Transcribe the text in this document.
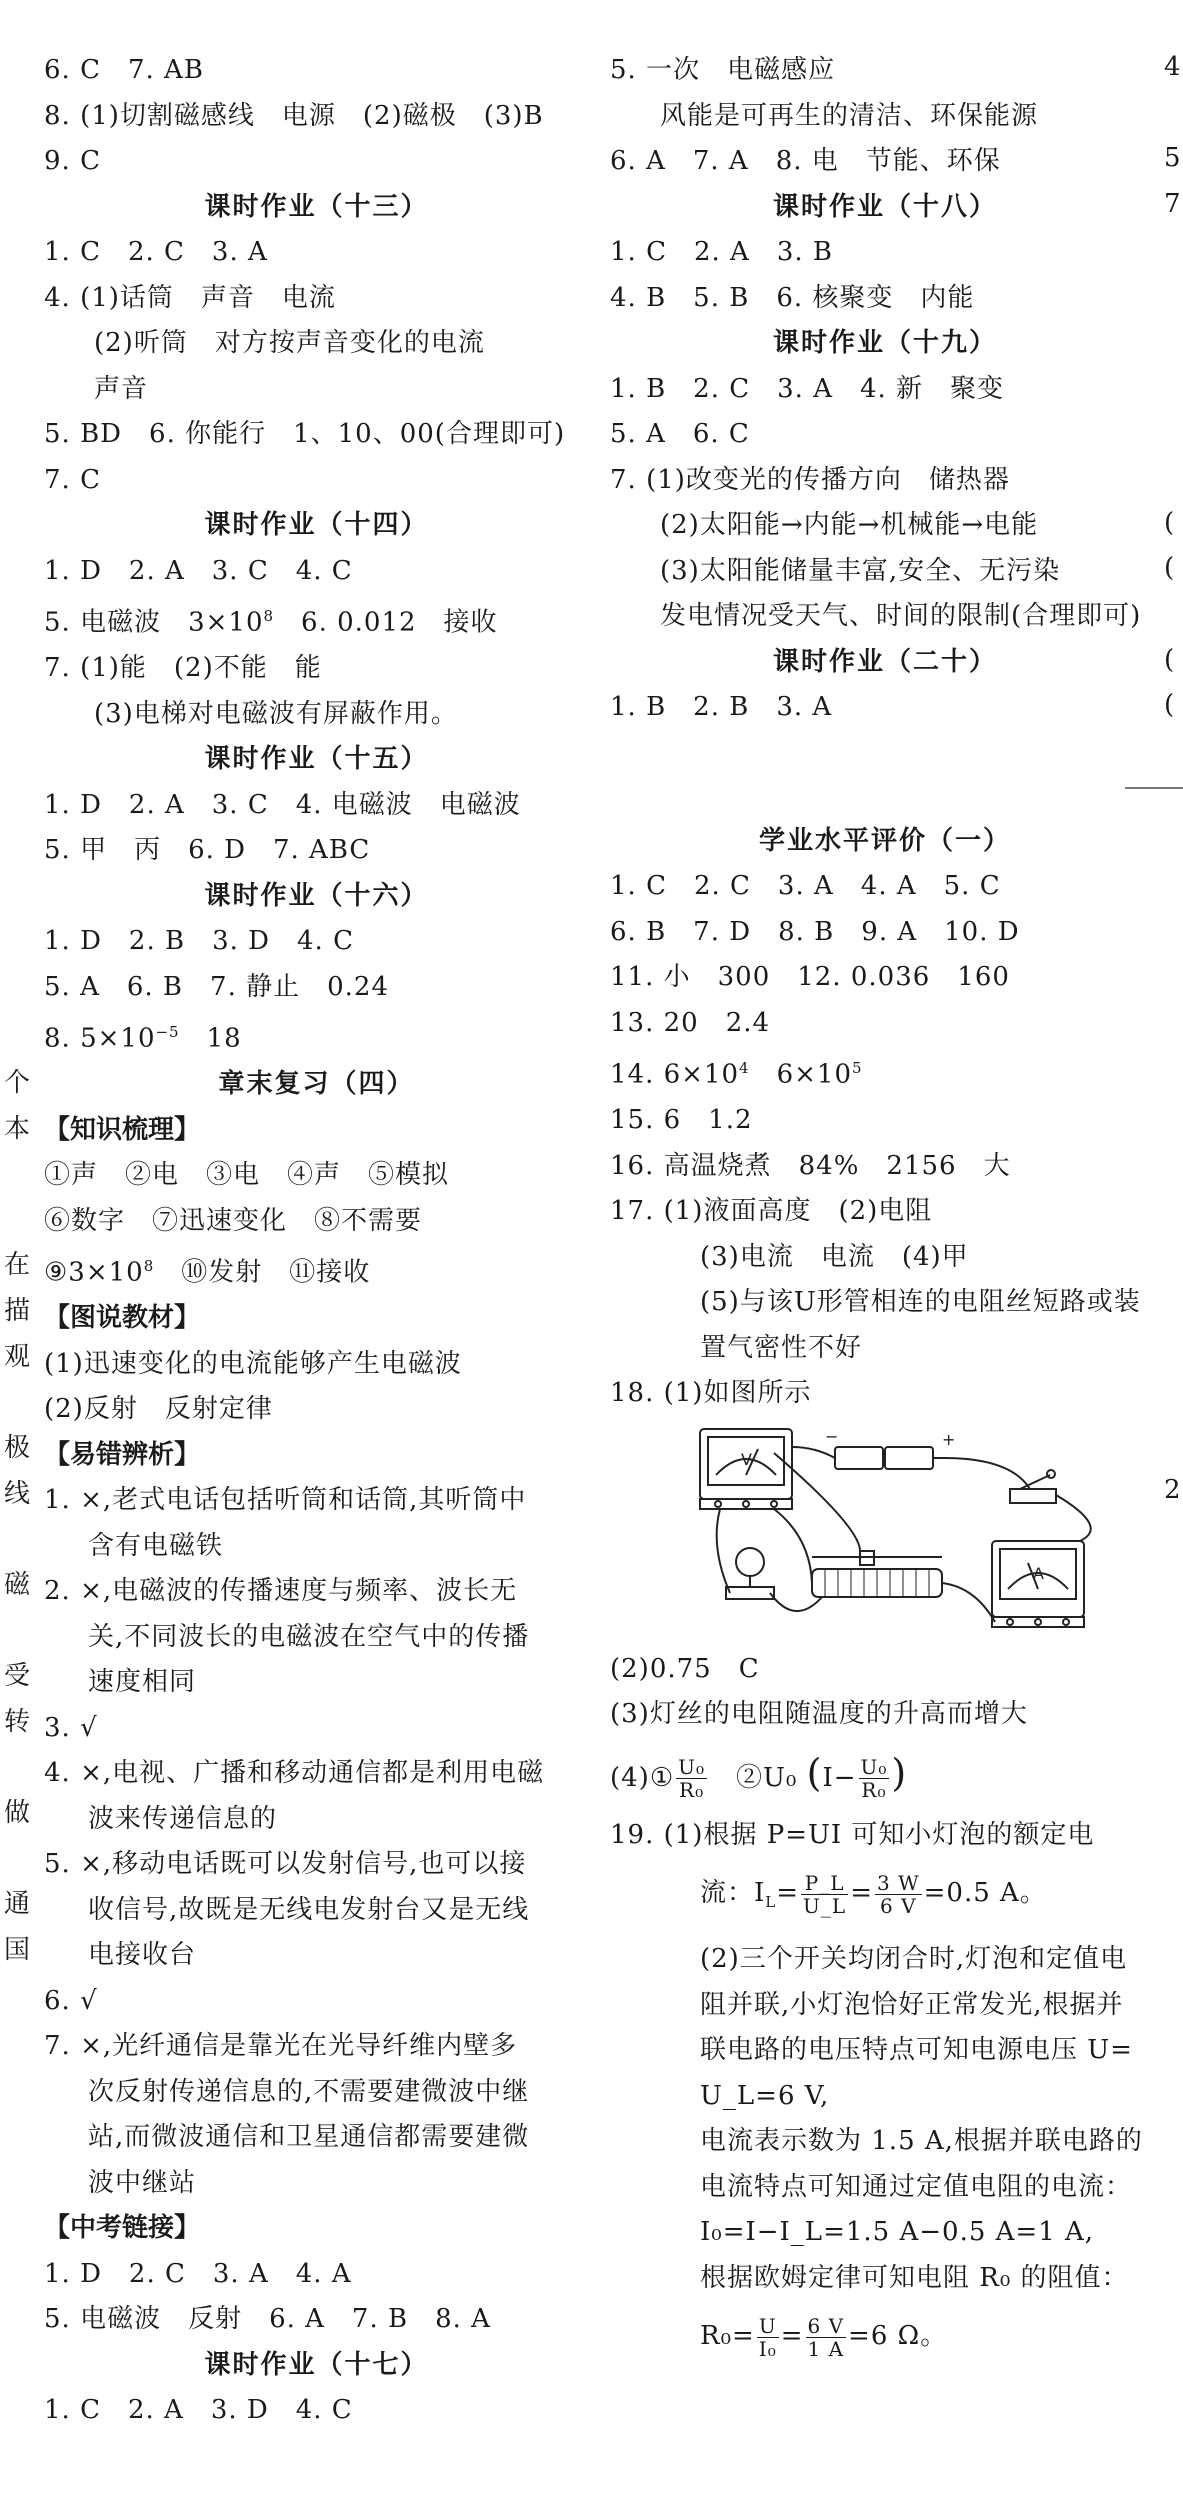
个
本
在
描
观
极
线
磁
受
转
做
通
国
4
5
7
(
(
(
(
2
6. C　7. AB
8. (1)切割磁感线　电源　(2)磁极　(3)B
9. C
课时作业（十三）
1. C　2. C　3. A
4. (1)话筒　声音　电流
(2)听筒　对方按声音变化的电流
声音
5. BD　6. 你能行　1、10、00(合理即可)
7. C
课时作业（十四）
1. D　2. A　3. C　4. C
5. 电磁波　$3\times 10^8$　6. 0.012　接收
7. (1)能　(2)不能　能
(3)电梯对电磁波有屏蔽作用。
课时作业（十五）
1. D　2. A　3. C　4. 电磁波　电磁波
5. 甲　丙　6. D　7. ABC
课时作业（十六）
1. D　2. B　3. D　4. C
5. A　6. B　7. 静止　0.24
8. $5\times 10^{-5}$　18
章末复习（四）
【知识梳理】
①声　②电　③电　④声　⑤模拟
⑥数字　⑦迅速变化　⑧不需要
$⑨3\times 10^8$　⑩发射　⑪接收
【图说教材】
(1)迅速变化的电流能够产生电磁波
(2)反射　反射定律
【易错辨析】
1. ×,老式电话包括听筒和话筒,其听筒中
含有电磁铁
2. ×,电磁波的传播速度与频率、波长无
关,不同波长的电磁波在空气中的传播
速度相同
3. √
4. ×,电视、广播和移动通信都是利用电磁
波来传递信息的
5. ×,移动电话既可以发射信号,也可以接
收信号,故既是无线电发射台又是无线
电接收台
6. √
7. ×,光纤通信是靠光在光导纤维内壁多
次反射传递信息的,不需要建微波中继
站,而微波通信和卫星通信都需要建微
波中继站
【中考链接】
1. D　2. C　3. A　4. A
5. 电磁波　反射　6. A　7. B　8. A
课时作业（十七）
1. C　2. A　3. D　4. C
5. 一次　电磁感应
风能是可再生的清洁、环保能源
6. A　7. A　8. 电　节能、环保
课时作业（十八）
1. C　2. A　3. B
4. B　5. B　6. 核聚变　内能
课时作业（十九）
1. B　2. C　3. A　4. 新　聚变
5. A　6. C
7. (1)改变光的传播方向　储热器
(2)太阳能→内能→机械能→电能
(3)太阳能储量丰富,安全、无污染
发电情况受天气、时间的限制(合理即可)
课时作业（二十）
1. B　2. B　3. A
学业水平评价（一）
1. C　2. C　3. A　4. A　5. C
6. B　7. D　8. B　9. A　10. D
11. 小　300　12. 0.036　160
13. 20　2.4
14. $6\times 10^4$　$6\times 10^5$
15. 6　1.2
16. 高温烧煮　84%　2156　大
17. (1)液面高度　(2)电阻
(3)电流　电流　(4)甲
(5)与该U形管相连的电阻丝短路或装
置气密性不好
18. (1)如图所示
−	+
V
A
(2)0.75　C
(3)灯丝的电阻随温度的升高而增大
(4)① $\frac{\text{U₀}}{\text{R₀}}$ 　②U₀ ($I- \frac{\text{U₀}}{\text{R₀}}$ )
19. (1)根据 P=UI 可知小灯泡的额定电
流：$I_L= \frac{P\_L}{U\_L} = \frac{3 W}{6 V} =0.5$ A。
(2)三个开关均闭合时,灯泡和定值电
阻并联,小灯泡恰好正常发光,根据并
联电路的电压特点可知电源电压 U=
U_L=6 V,
电流表示数为 1.5 A,根据并联电路的
电流特点可知通过定值电阻的电流：
I₀=I−I_L=1.5 A−0.5 A=1 A,
根据欧姆定律可知电阻 R₀ 的阻值：
$R_0= \frac{U}{\text{I₀}} = \frac{6 V}{1 A} =6$ Ω。
